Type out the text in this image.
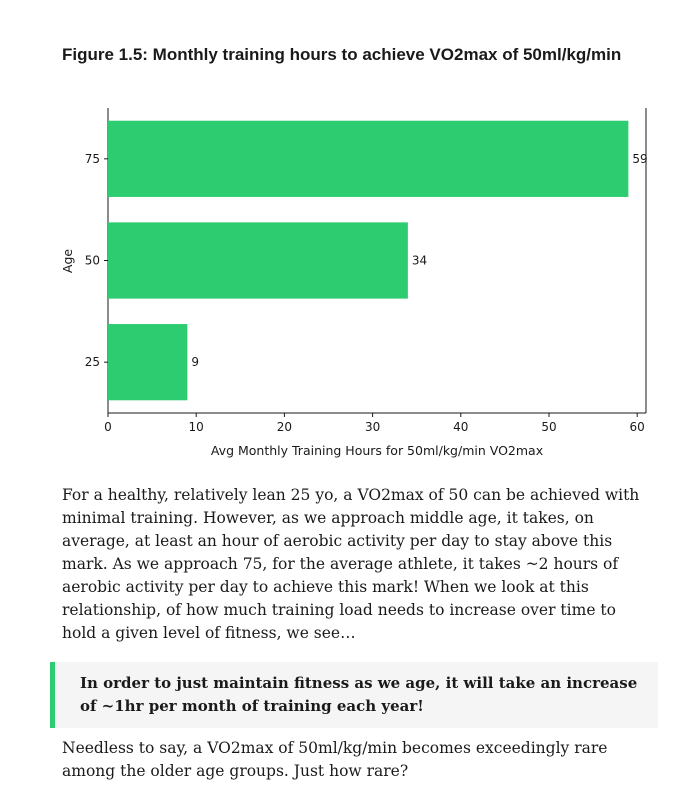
Figure 1.5: Monthly training hours to achieve VO2max of 50ml/kg/min
59
34
9
75
50
25
0	10	20	30	40	50	60
Avg Monthly Training Hours for 50ml/kg/min VO2max
Age

For a healthy, relatively lean 25 yo, a VO2max of 50 can be achieved with minimal training. However, as we approach middle age, it takes, on average, at least an hour of aerobic activity per day to stay above this mark. As we approach 75, for the average athlete, it takes ~2 hours of aerobic activity per day to achieve this mark! When we look at this relationship, of how much training load needs to increase over time to hold a given level of fitness, we see…

In order to just maintain fitness as we age, it will take an increase of ~1hr per month of training each year!

Needless to say, a VO2max of 50ml/kg/min becomes exceedingly rare among the older age groups. Just how rare?
